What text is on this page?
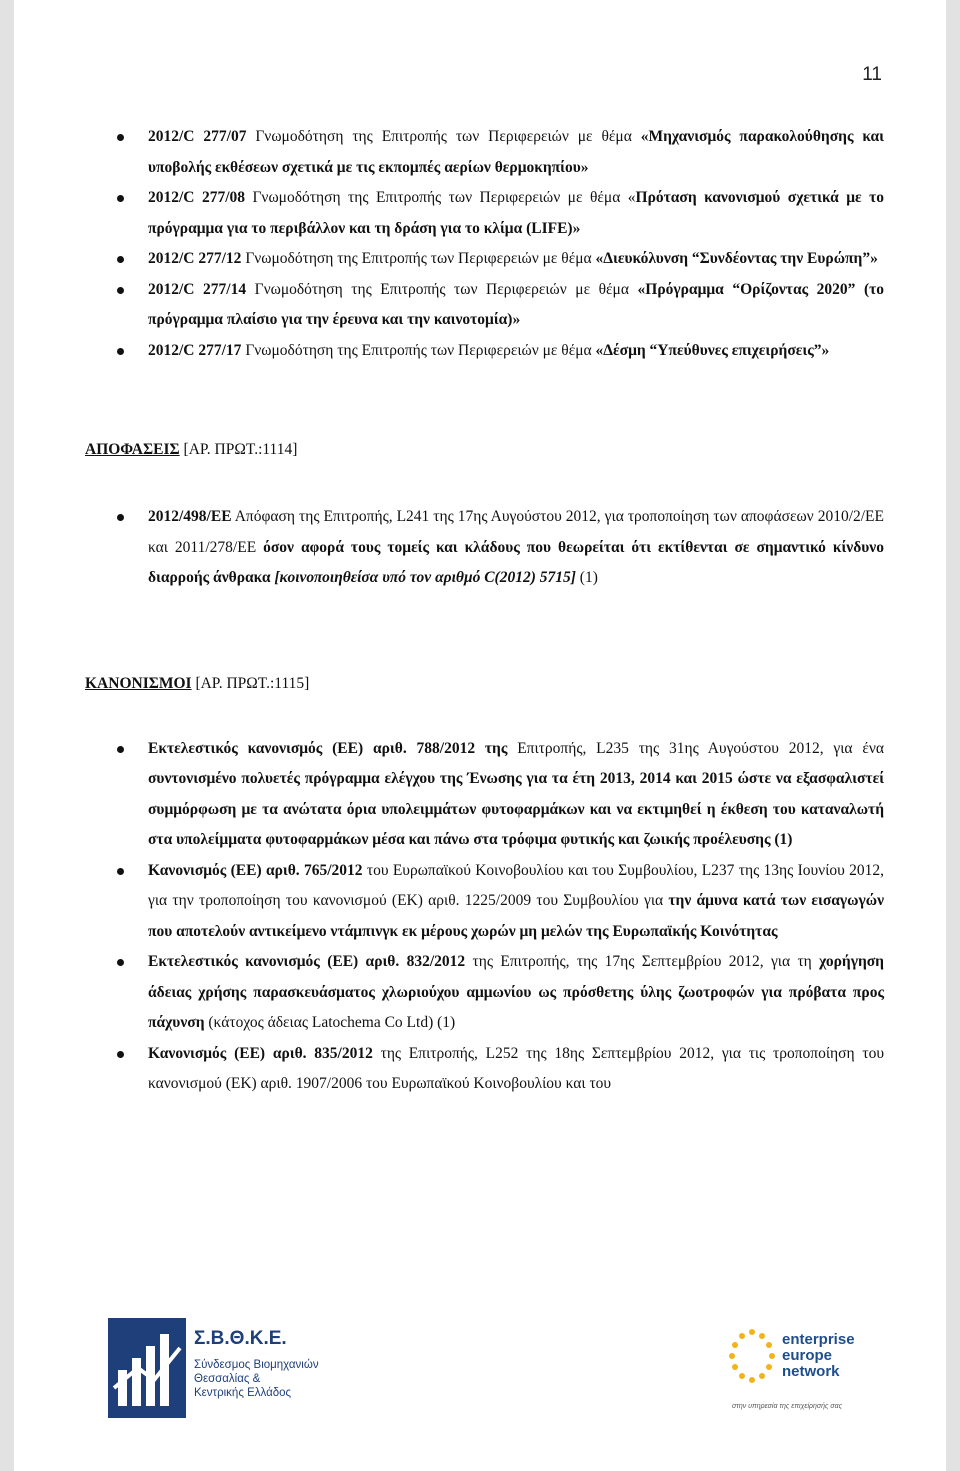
11
2012/C 277/07 Γνωμοδότηση της Επιτροπής των Περιφερειών με θέμα «Μηχανισμός παρακολούθησης και υποβολής εκθέσεων σχετικά με τις εκπομπές αερίων θερμοκηπίου»
2012/C 277/08 Γνωμοδότηση της Επιτροπής των Περιφερειών με θέμα «Πρόταση κανονισμού σχετικά με το πρόγραμμα για το περιβάλλον και τη δράση για το κλίμα (LIFE)»
2012/C 277/12 Γνωμοδότηση της Επιτροπής των Περιφερειών με θέμα «Διευκόλυνση “Συνδέοντας την Ευρώπη”»
2012/C 277/14 Γνωμοδότηση της Επιτροπής των Περιφερειών με θέμα «Πρόγραμμα “Ορίζοντας 2020” (το πρόγραμμα πλαίσιο για την έρευνα και την καινοτομία)»
2012/C 277/17 Γνωμοδότηση της Επιτροπής των Περιφερειών με θέμα «Δέσμη “Υπεύθυνες επιχειρήσεις”»
ΑΠΟΦΑΣΕΙΣ [ΑΡ. ΠΡΩΤ.:1114]
2012/498/ΕΕ Απόφαση της Επιτροπής, L241 της 17ης Αυγούστου 2012, για τροποποίηση των αποφάσεων 2010/2/ΕΕ και 2011/278/ΕΕ όσον αφορά τους τομείς και κλάδους που θεωρείται ότι εκτίθενται σε σημαντικό κίνδυνο διαρροής άνθρακα [κοινοποιηθείσα υπό τον αριθμό C(2012) 5715] (1)
ΚΑΝΟΝΙΣΜΟΙ [ΑΡ. ΠΡΩΤ.:1115]
Εκτελεστικός κανονισμός (ΕΕ) αριθ. 788/2012 της Επιτροπής, L235 της 31ης Αυγούστου 2012, για ένα συντονισμένο πολυετές πρόγραμμα ελέγχου της Ένωσης για τα έτη 2013, 2014 και 2015 ώστε να εξασφαλιστεί συμμόρφωση με τα ανώτατα όρια υπολειμμάτων φυτοφαρμάκων και να εκτιμηθεί η έκθεση του καταναλωτή στα υπολείμματα φυτοφαρμάκων μέσα και πάνω στα τρόφιμα φυτικής και ζωικής προέλευσης (1)
Κανονισμός (ΕΕ) αριθ. 765/2012 του Ευρωπαϊκού Κοινοβουλίου και του Συμβουλίου, L237 της 13ης Ιουνίου 2012, για την τροποποίηση του κανονισμού (ΕΚ) αριθ. 1225/2009 του Συμβουλίου για την άμυνα κατά των εισαγωγών που αποτελούν αντικείμενο ντάμπινγκ εκ μέρους χωρών μη μελών της Ευρωπαϊκής Κοινότητας
Εκτελεστικός κανονισμός (ΕΕ) αριθ. 832/2012 της Επιτροπής, της 17ης Σεπτεμβρίου 2012, για τη χορήγηση άδειας χρήσης παρασκευάσματος χλωριούχου αμμωνίου ως πρόσθετης ύλης ζωοτροφών για πρόβατα προς πάχυνση (κάτοχος άδειας Latochema Co Ltd) (1)
Κανονισμός (ΕΕ) αριθ. 835/2012 της Επιτροπής, L252 της 18ης Σεπτεμβρίου 2012, για τις τροποποίηση του κανονισμού (ΕΚ) αριθ. 1907/2006 του Ευρωπαϊκού Κοινοβουλίου και του
Σ.Β.Θ.Κ.Ε.
Σύνδεσμος Βιομηχανιών
Θεσσαλίας &
Κεντρικής Ελλάδος
enterprise
europe
network
στην υπηρεσία της επιχείρησής σας
